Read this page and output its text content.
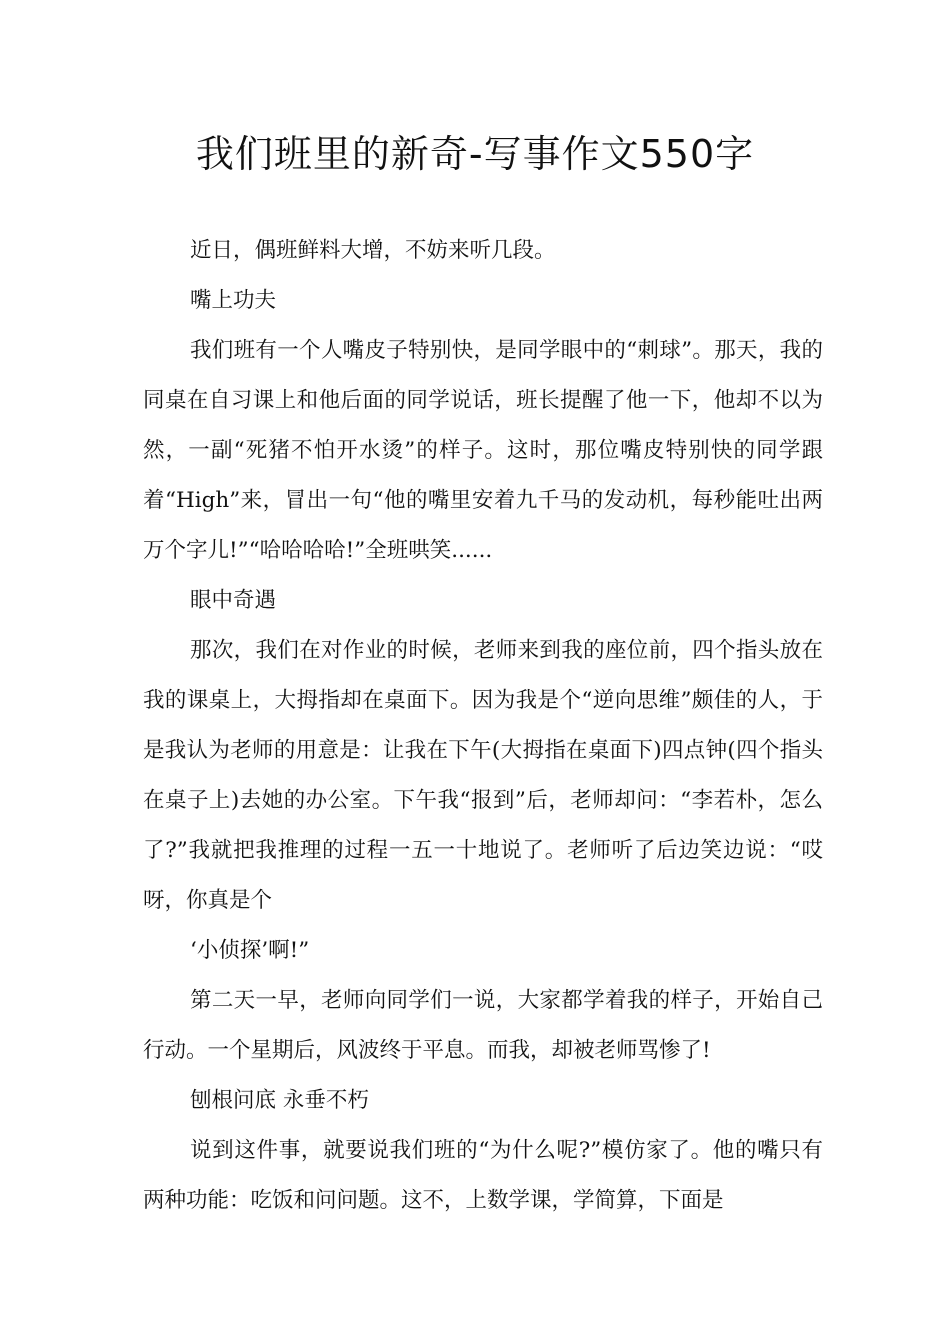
我们班里的新奇-写事作文550字

近日，偶班鲜料大增，不妨来听几段。

嘴上功夫

我们班有一个人嘴皮子特别快，是同学眼中的“刺球”。那天，我的同桌在自习课上和他后面的同学说话，班长提醒了他一下，他却不以为然，一副“死猪不怕开水烫”的样子。这时，那位嘴皮特别快的同学跟着“High”来，冒出一句“他的嘴里安着九千马的发动机，每秒能吐出两万个字儿!”“哈哈哈哈!”全班哄笑......

眼中奇遇

那次，我们在对作业的时候，老师来到我的座位前，四个指头放在我的课桌上，大拇指却在桌面下。因为我是个“逆向思维”颇佳的人，于是我认为老师的用意是：让我在下午(大拇指在桌面下)四点钟(四个指头在桌子上)去她的办公室。下午我“报到”后，老师却问：“李若朴，怎么了?”我就把我推理的过程一五一十地说了。老师听了后边笑边说：“哎呀，你真是个

‘小侦探’啊!”

第二天一早，老师向同学们一说，大家都学着我的样子，开始自己行动。一个星期后，风波终于平息。而我，却被老师骂惨了!

刨根问底 永垂不朽

说到这件事，就要说我们班的“为什么呢?”模仿家了。他的嘴只有两种功能：吃饭和问问题。这不，上数学课，学简算，下面是
